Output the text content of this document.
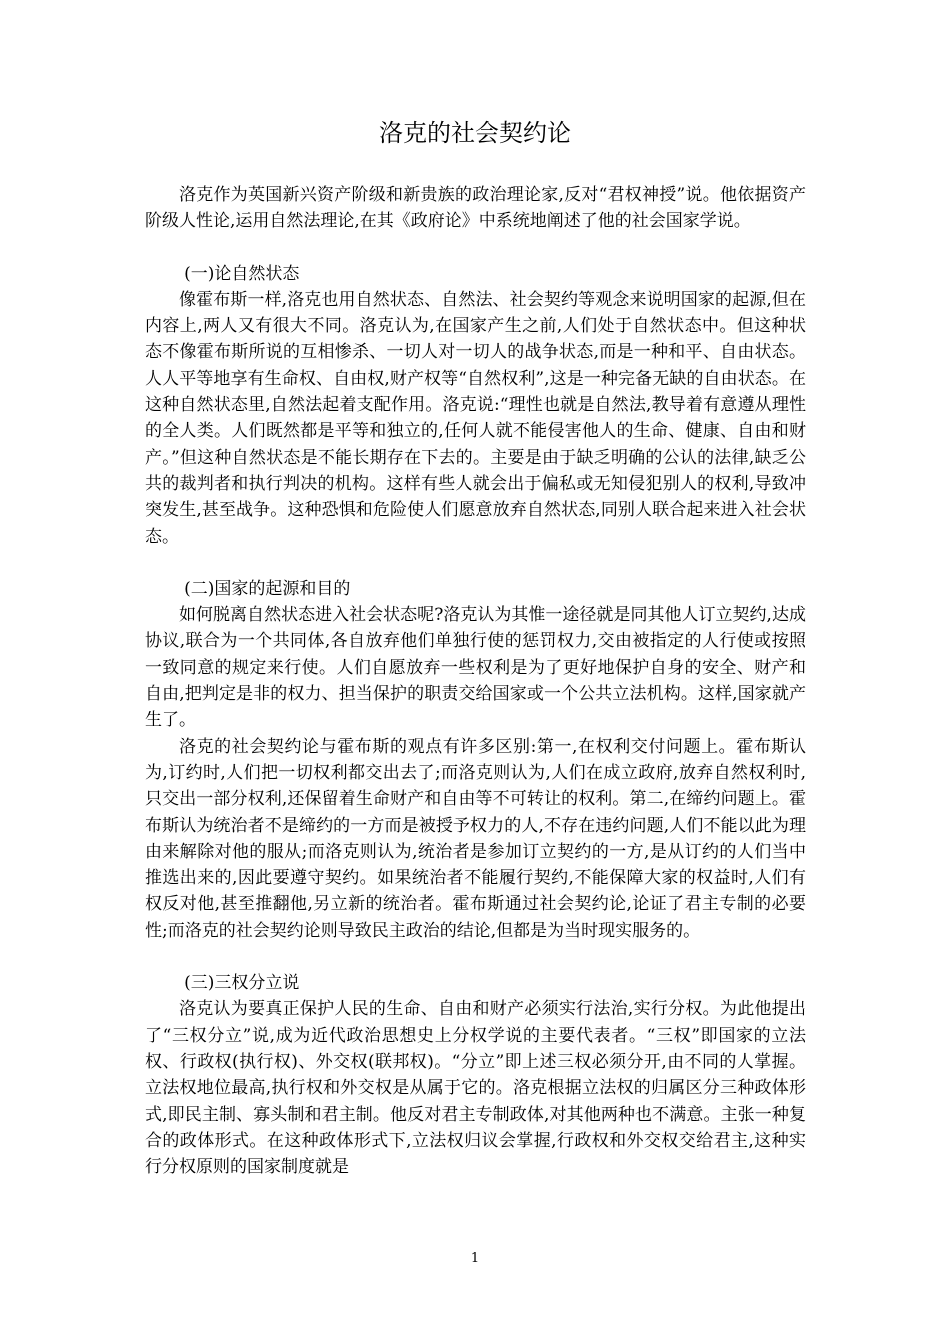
洛克的社会契约论

洛克作为英国新兴资产阶级和新贵族的政治理论家,反对“君权神授”说。他依据资产阶级人性论,运用自然法理论,在其《政府论》中系统地阐述了他的社会国家学说。

(一)论自然状态

像霍布斯一样,洛克也用自然状态、自然法、社会契约等观念来说明国家的起源,但在内容上,两人又有很大不同。洛克认为,在国家产生之前,人们处于自然状态中。但这种状态不像霍布斯所说的互相惨杀、一切人对一切人的战争状态,而是一种和平、自由状态。人人平等地享有生命权、自由权,财产权等“自然权利”,这是一种完备无缺的自由状态。在这种自然状态里,自然法起着支配作用。洛克说:“理性也就是自然法,教导着有意遵从理性的全人类。人们既然都是平等和独立的,任何人就不能侵害他人的生命、健康、自由和财产。”但这种自然状态是不能长期存在下去的。主要是由于缺乏明确的公认的法律,缺乏公共的裁判者和执行判决的机构。这样有些人就会出于偏私或无知侵犯别人的权利,导致冲突发生,甚至战争。这种恐惧和危险使人们愿意放弃自然状态,同别人联合起来进入社会状态。

(二)国家的起源和目的

如何脱离自然状态进入社会状态呢?洛克认为其惟一途径就是同其他人订立契约,达成协议,联合为一个共同体,各自放弃他们单独行使的惩罚权力,交由被指定的人行使或按照一致同意的规定来行使。人们自愿放弃一些权利是为了更好地保护自身的安全、财产和自由,把判定是非的权力、担当保护的职责交给国家或一个公共立法机构。这样,国家就产生了。

洛克的社会契约论与霍布斯的观点有许多区别:第一,在权利交付问题上。霍布斯认为,订约时,人们把一切权利都交出去了;而洛克则认为,人们在成立政府,放弃自然权利时,只交出一部分权利,还保留着生命财产和自由等不可转让的权利。第二,在缔约问题上。霍布斯认为统治者不是缔约的一方而是被授予权力的人,不存在违约问题,人们不能以此为理由来解除对他的服从;而洛克则认为,统治者是参加订立契约的一方,是从订约的人们当中推选出来的,因此要遵守契约。如果统治者不能履行契约,不能保障大家的权益时,人们有权反对他,甚至推翻他,另立新的统治者。霍布斯通过社会契约论,论证了君主专制的必要性;而洛克的社会契约论则导致民主政治的结论,但都是为当时现实服务的。

(三)三权分立说

洛克认为要真正保护人民的生命、自由和财产必须实行法治,实行分权。为此他提出了“三权分立”说,成为近代政治思想史上分权学说的主要代表者。“三权”即国家的立法权、行政权(执行权)、外交权(联邦权)。“分立”即上述三权必须分开,由不同的人掌握。立法权地位最高,执行权和外交权是从属于它的。洛克根据立法权的归属区分三种政体形式,即民主制、寡头制和君主制。他反对君主专制政体,对其他两种也不满意。主张一种复合的政体形式。在这种政体形式下,立法权归议会掌握,行政权和外交权交给君主,这种实行分权原则的国家制度就是

1
